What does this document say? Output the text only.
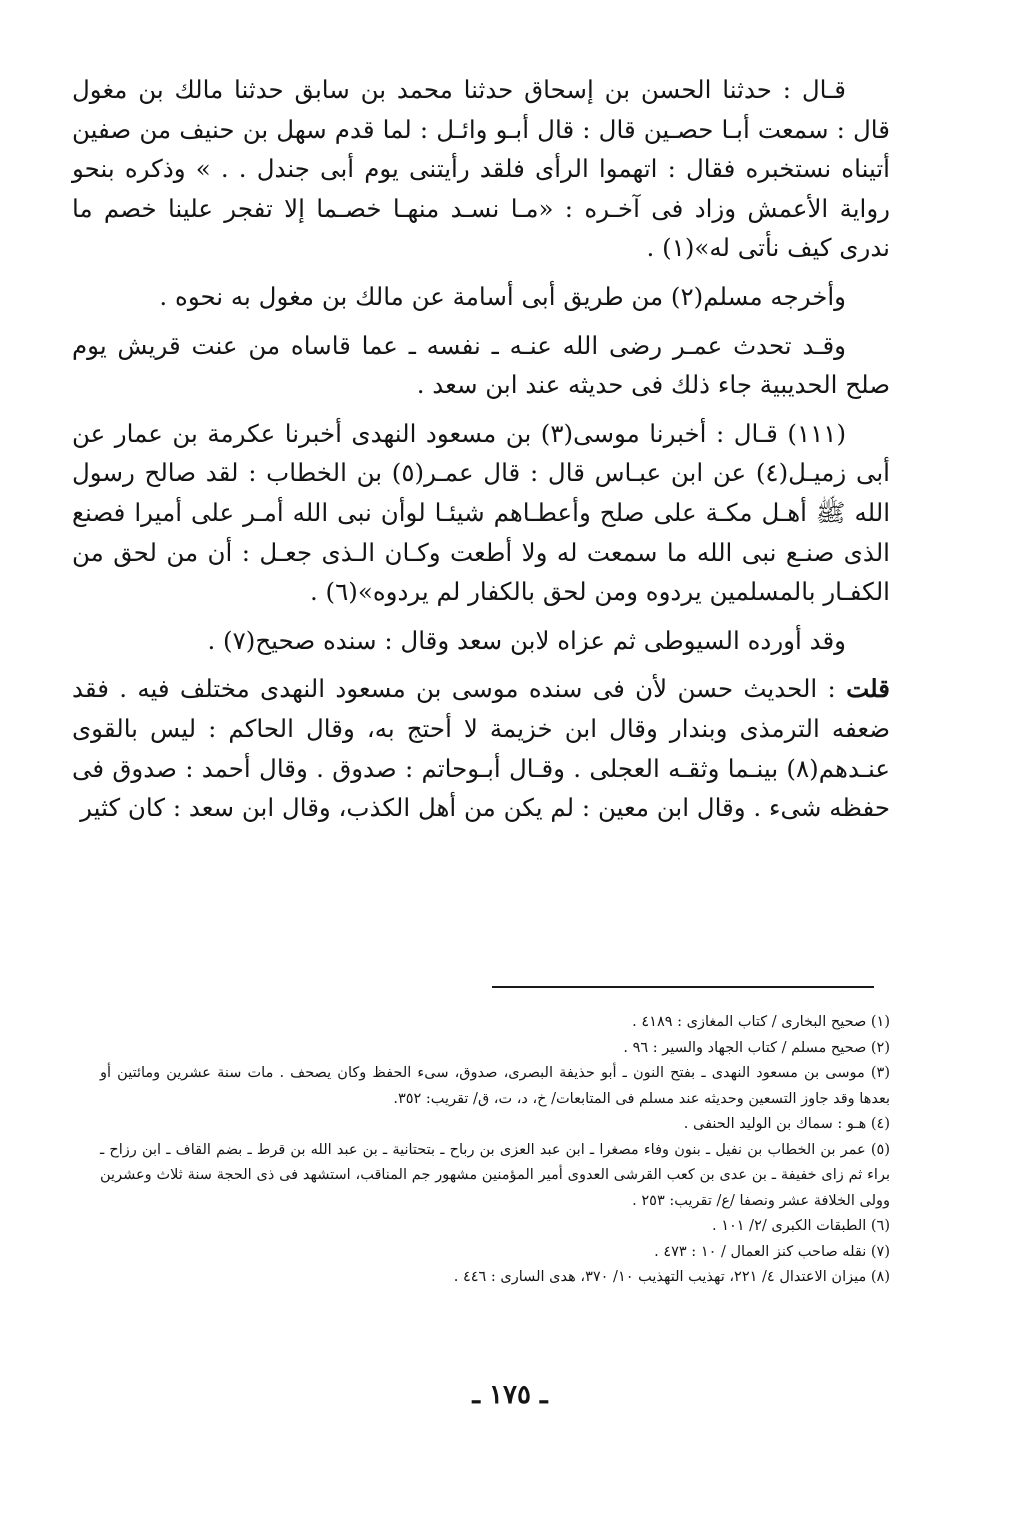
قـال : حدثنا الحسن بن إسحاق حدثنا محمد بن سابق حدثنا مالك بن مغول قال : سمعت أبـا حصـين قال : قال أبـو وائـل : لما قدم سهل بن حنيف من صفين أتيناه نستخبره فقال : اتهموا الرأى فلقد رأيتنى يوم أبى جندل . . » وذكره بنحو رواية الأعمش وزاد فى آخـره : «مـا نسـد منهـا خصـما إلا تفجر علينا خصم ما ندرى كيف نأتى له»(١) .

وأخرجه مسلم(٢) من طريق أبى أسامة عن مالك بن مغول به نحوه .

وقـد تحدث عمـر رضى الله عنـه ـ نفسه ـ عما قاساه من عنت قريش يوم صلح الحديبية جاء ذلك فى حديثه عند ابن سعد .

(١١١) قـال : أخبرنا موسى(٣) بن مسعود النهدى أخبرنا عكرمة بن عمار عن أبى زميـل(٤) عن ابن عبـاس قال : قال عمـر(٥) بن الخطاب : لقد صالح رسول الله ﷺ أهـل مكـة على صلح وأعطـاهم شيئـا لوأن نبى الله أمـر على أميرا فصنع الذى صنـع نبى الله ما سمعت له ولا أطعت وكـان الـذى جعـل : أن من لحق من الكفـار بالمسلمين يردوه ومن لحق بالكفار لم يردوه»(٦) .

وقد أورده السيوطى ثم عزاه لابن سعد وقال : سنده صحيح(٧) .

قلت : الحديث حسن لأن فى سنده موسى بن مسعود النهدى مختلف فيه . فقد ضعفه الترمذى وبندار وقال ابن خزيمة لا أحتج به، وقال الحاكم : ليس بالقوى عنـدهم(٨) بينـما وثقـه العجلى . وقـال أبـوحاتم : صدوق . وقال أحمد : صدوق فى حفظه شىء . وقال ابن معين : لم يكن من أهل الكذب، وقال ابن سعد : كان كثير

(١) صحيح البخارى / كتاب المغازى : ٤١٨٩ .

(٢) صحيح مسلم / كتاب الجهاد والسير : ٩٦ .

(٣) موسى بن مسعود النهدى ـ بفتح النون ـ أبو حذيفة البصرى، صدوق، سىء الحفظ وكان يصحف . مات سنة عشرين ومائتين أو بعدها وقد جاوز التسعين وحديثه عند مسلم فى المتابعات/ خ، د، ت، ق/ تقريب: ٣٥٢.

(٤) هـو : سماك بن الوليد الحنفى .

(٥) عمر بن الخطاب بن نفيل ـ بنون وفاء مصغرا ـ ابن عبد العزى بن رباح ـ بتحتانية ـ بن عبد الله بن قرط ـ بضم القاف ـ ابن رزاح ـ براء ثم زاى خفيفة ـ بن عدى بن كعب القرشى العدوى أمير المؤمنين مشهور جم المناقب، استشهد فى ذى الحجة سنة ثلاث وعشرين وولى الخلافة عشر ونصفا /ع/ تقريب: ٢٥٣ .

(٦) الطبقات الكبرى /٢/ ١٠١ .

(٧) نقله صاحب كنز العمال / ١٠ : ٤٧٣ .

(٨) ميزان الاعتدال ٤/ ٢٢١، تهذيب التهذيب ١٠/ ٣٧٠، هدى السارى : ٤٤٦ .

ـ ١٧٥ ـ
